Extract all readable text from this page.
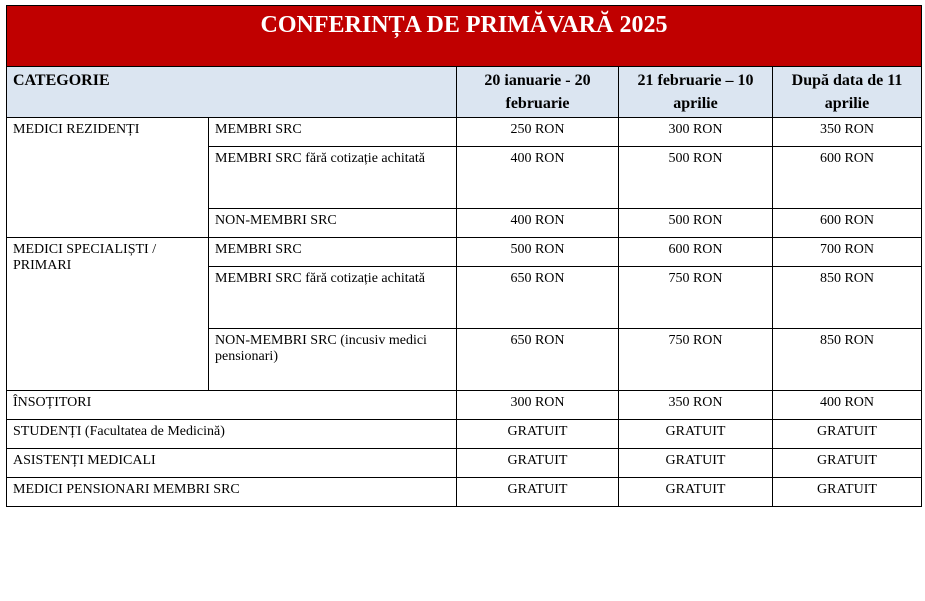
CONFERINȚA DE PRIMĂVARĂ 2025				
CATEGORIE		20 ianuarie - 20 februarie	21 februarie – 10 aprilie	După data de 11 aprilie
MEDICI REZIDENȚI	MEMBRI SRC	250 RON	300 RON	350 RON
	MEMBRI SRC fără cotizație achitată	400 RON	500 RON	600 RON
	NON-MEMBRI SRC	400 RON	500 RON	600 RON
MEDICI SPECIALIȘTI / PRIMARI	MEMBRI SRC	500 RON	600 RON	700 RON
	MEMBRI SRC fără cotizație achitată	650 RON	750 RON	850 RON
	NON-MEMBRI SRC (incusiv medici pensionari)	650 RON	750 RON	850 RON
ÎNSOȚITORI		300 RON	350 RON	400 RON
STUDENȚI (Facultatea de Medicină)		GRATUIT	GRATUIT	GRATUIT
ASISTENȚI MEDICALI		GRATUIT	GRATUIT	GRATUIT
MEDICI PENSIONARI MEMBRI SRC		GRATUIT	GRATUIT	GRATUIT
